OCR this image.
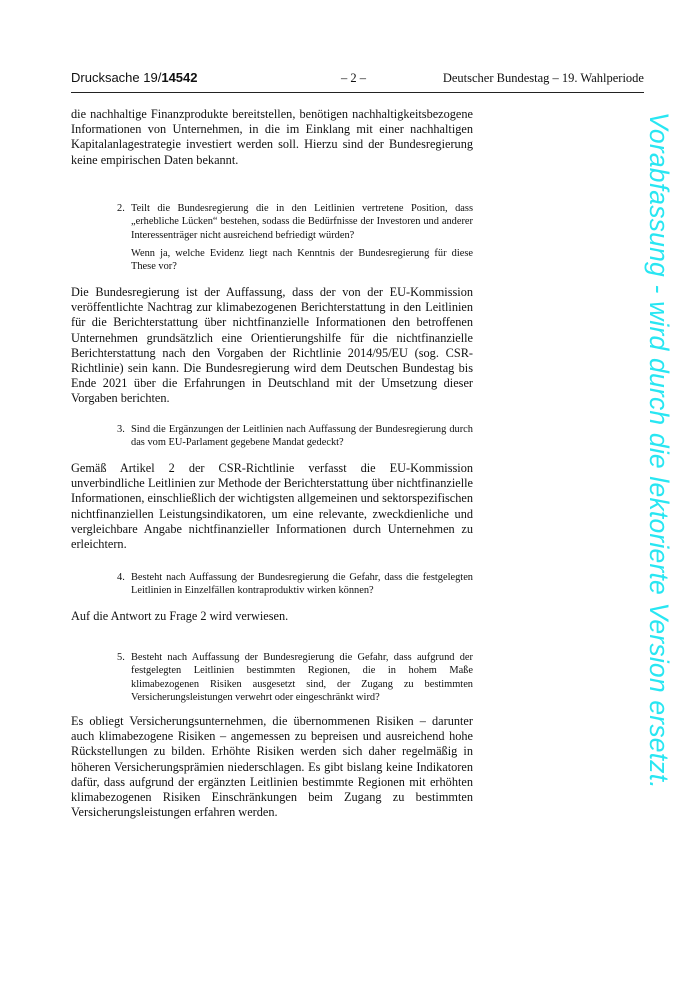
Drucksache 19/14542	– 2 –	Deutscher Bundestag – 19. Wahlperiode

die nachhaltige Finanzprodukte bereitstellen, benötigen nachhaltigkeitsbezogene Informationen von Unternehmen, in die im Einklang mit einer nachhaltigen Kapitalanlagestrategie investiert werden soll. Hierzu sind der Bundesregierung keine empirischen Daten bekannt.

2. Teilt die Bundesregierung die in den Leitlinien vertretene Position, dass „erhebliche Lücken“ bestehen, sodass die Bedürfnisse der Investoren und anderer Interessenträger nicht ausreichend befriedigt würden?
Wenn ja, welche Evidenz liegt nach Kenntnis der Bundesregierung für diese These vor?

Die Bundesregierung ist der Auffassung, dass der von der EU-Kommission veröffentlichte Nachtrag zur klimabezogenen Berichterstattung in den Leitlinien für die Berichterstattung über nichtfinanzielle Informationen den betroffenen Unternehmen grundsätzlich eine Orientierungshilfe für die nichtfinanzielle Berichterstattung nach den Vorgaben der Richtlinie 2014/95/EU (sog. CSR-Richtlinie) sein kann. Die Bundesregierung wird dem Deutschen Bundestag bis Ende 2021 über die Erfahrungen in Deutschland mit der Umsetzung dieser Vorgaben berichten.

3. Sind die Ergänzungen der Leitlinien nach Auffassung der Bundesregierung durch das vom EU-Parlament gegebene Mandat gedeckt?

Gemäß Artikel 2 der CSR-Richtlinie verfasst die EU-Kommission unverbindliche Leitlinien zur Methode der Berichterstattung über nichtfinanzielle Informationen, einschließlich der wichtigsten allgemeinen und sektorspezifischen nichtfinanziellen Leistungsindikatoren, um eine relevante, zweckdienliche und vergleichbare Angabe nichtfinanzieller Informationen durch Unternehmen zu erleichtern.

4. Besteht nach Auffassung der Bundesregierung die Gefahr, dass die festgelegten Leitlinien in Einzelfällen kontraproduktiv wirken können?

Auf die Antwort zu Frage 2 wird verwiesen.

5. Besteht nach Auffassung der Bundesregierung die Gefahr, dass aufgrund der festgelegten Leitlinien bestimmten Regionen, die in hohem Maße klimabezogenen Risiken ausgesetzt sind, der Zugang zu bestimmten Versicherungsleistungen verwehrt oder eingeschränkt wird?

Es obliegt Versicherungsunternehmen, die übernommenen Risiken – darunter auch klimabezogene Risiken – angemessen zu bepreisen und ausreichend hohe Rückstellungen zu bilden. Erhöhte Risiken werden sich daher regelmäßig in höheren Versicherungsprämien niederschlagen. Es gibt bislang keine Indikatoren dafür, dass aufgrund der ergänzten Leitlinien bestimmte Regionen mit erhöhten klimabezogenen Risiken Einschränkungen beim Zugang zu bestimmten Versicherungsleistungen erfahren werden.

Vorabfassung - wird durch die lektorierte Version ersetzt.
